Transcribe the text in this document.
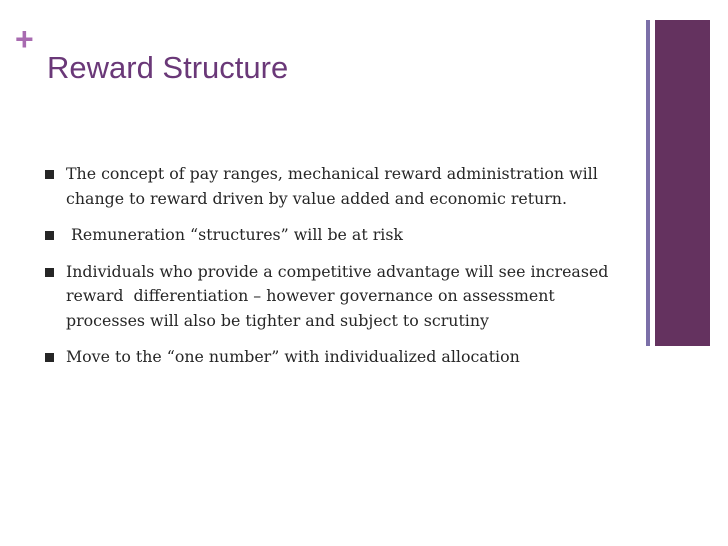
+
Reward Structure
The concept of pay ranges, mechanical reward administration will change to reward driven by value added and economic return.
Remuneration “structures” will be at risk
Individuals who provide a competitive advantage will see increased reward  differentiation – however governance on assessment processes will also be tighter and subject to scrutiny
Move to the “one number” with individualized allocation
